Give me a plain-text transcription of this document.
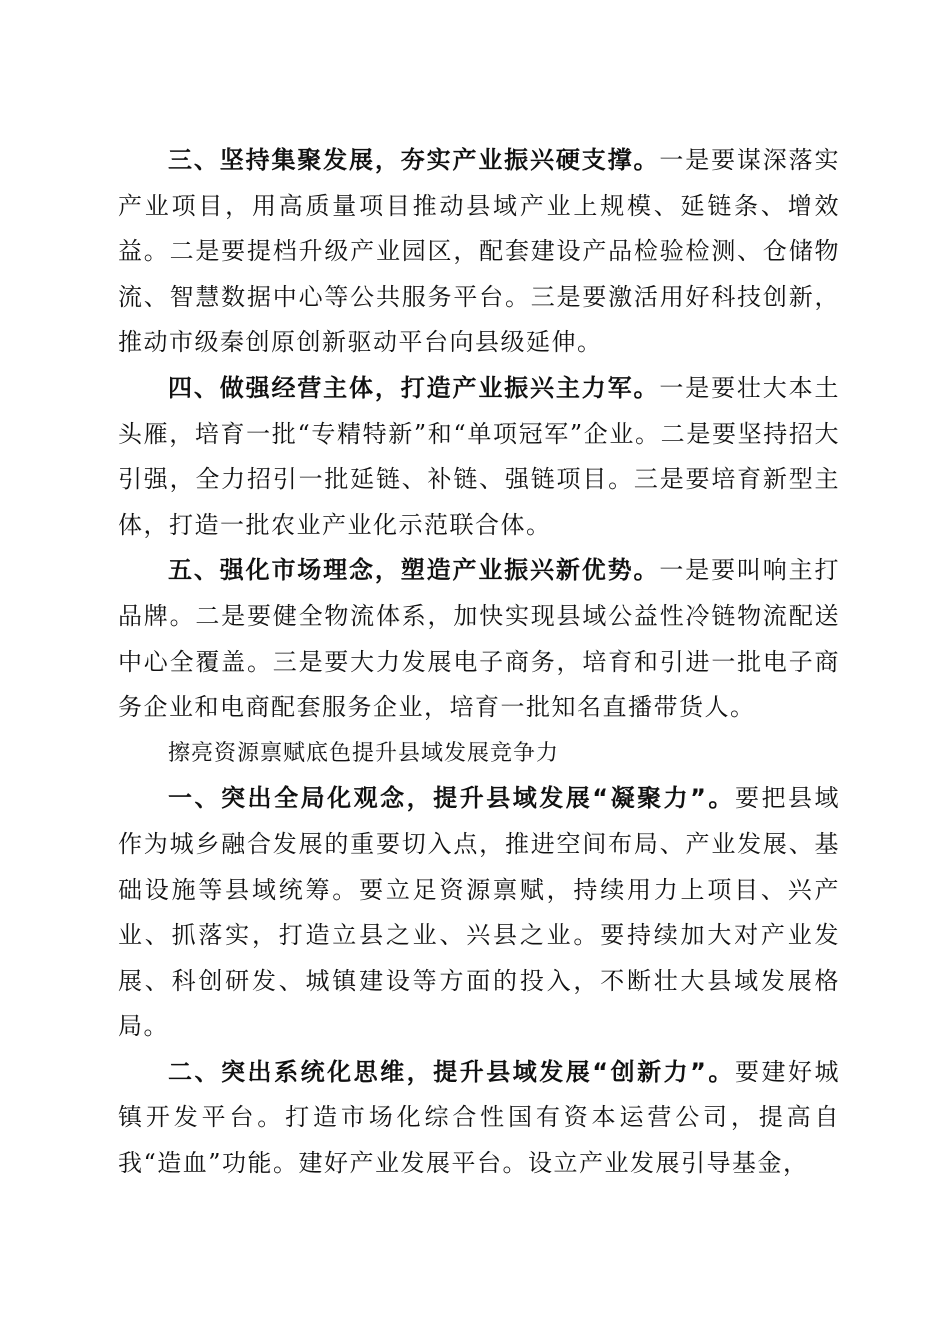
三、坚持集聚发展，夯实产业振兴硬支撑。一是要谋深落实产业项目，用高质量项目推动县域产业上规模、延链条、增效益。二是要提档升级产业园区，配套建设产品检验检测、仓储物流、智慧数据中心等公共服务平台。三是要激活用好科技创新，推动市级秦创原创新驱动平台向县级延伸。

四、做强经营主体，打造产业振兴主力军。一是要壮大本土头雁，培育一批“专精特新”和“单项冠军”企业。二是要坚持招大引强，全力招引一批延链、补链、强链项目。三是要培育新型主体，打造一批农业产业化示范联合体。

五、强化市场理念，塑造产业振兴新优势。一是要叫响主打品牌。二是要健全物流体系，加快实现县域公益性冷链物流配送中心全覆盖。三是要大力发展电子商务，培育和引进一批电子商务企业和电商配套服务企业，培育一批知名直播带货人。

擦亮资源禀赋底色提升县域发展竞争力

一、突出全局化观念，提升县域发展“凝聚力”。要把县域作为城乡融合发展的重要切入点，推进空间布局、产业发展、基础设施等县域统筹。要立足资源禀赋，持续用力上项目、兴产业、抓落实，打造立县之业、兴县之业。要持续加大对产业发展、科创研发、城镇建设等方面的投入，不断壮大县域发展格局。

二、突出系统化思维，提升县域发展“创新力”。要建好城镇开发平台。打造市场化综合性国有资本运营公司，提高自我“造血”功能。建好产业发展平台。设立产业发展引导基金，
